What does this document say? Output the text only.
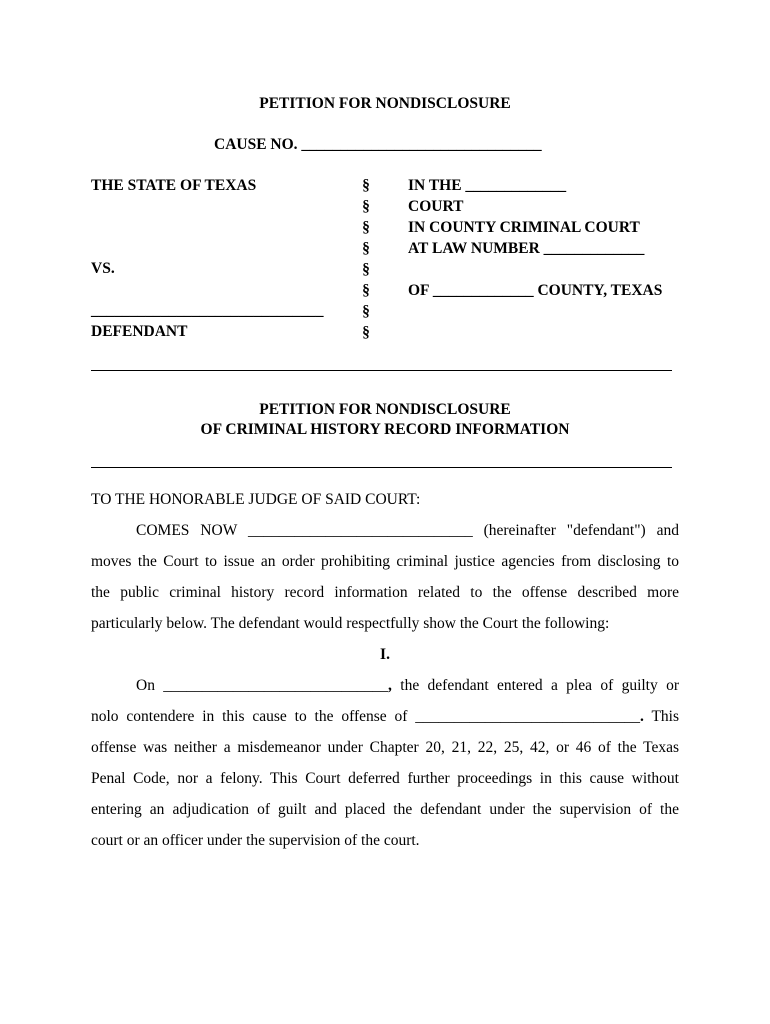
PETITION FOR NONDISCLOSURE
CAUSE NO. _______________________________
THE STATE OF TEXAS
VS.
______________________________
DEFENDANT
§
§
§
§
§
§
§
§
IN THE _____________
COURT
IN COUNTY CRIMINAL COURT
AT LAW NUMBER _____________
OF _____________ COUNTY, TEXAS
PETITION FOR NONDISCLOSURE
OF CRIMINAL HISTORY RECORD INFORMATION
TO THE HONORABLE JUDGE OF SAID COURT:
COMES NOW _____________________________ (hereinafter "defendant") and
moves the Court to issue an order prohibiting criminal justice agencies from disclosing to
the public criminal history record information related to the offense described more
particularly below. The defendant would respectfully show the Court the following:
I.
On _____________________________, the defendant entered a plea of guilty or
nolo contendere in this cause to the offense of _____________________________. This
offense was neither a misdemeanor under Chapter 20, 21, 22, 25, 42, or 46 of the Texas
Penal Code, nor a felony. This Court deferred further proceedings in this cause without
entering an adjudication of guilt and placed the defendant under the supervision of the
court or an officer under the supervision of the court.
